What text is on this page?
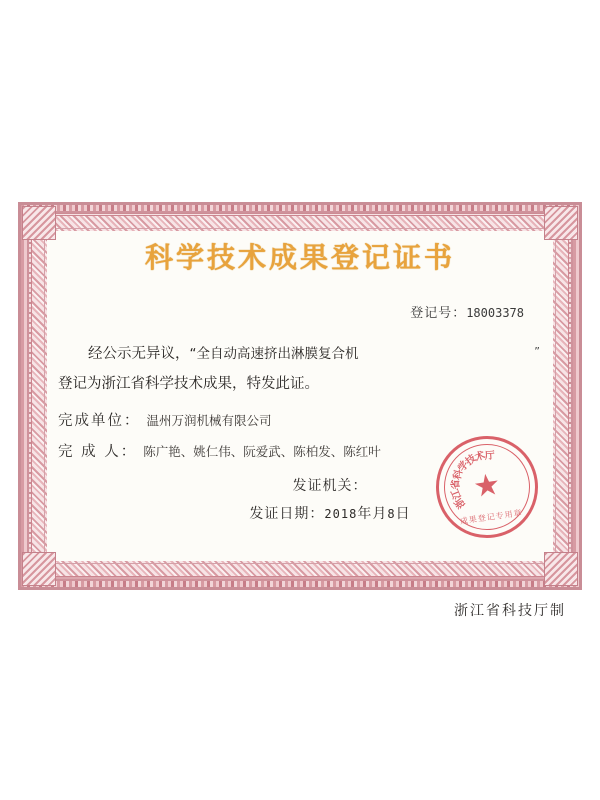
科学技术成果登记证书
登记号：18003378
经公示无异议，“全自动高速挤出淋膜复合机	”
登记为浙江省科学技术成果，特发此证。
完成单位： 温州万润机械有限公司
完 成 人： 陈广艳、姚仁伟、阮爱武、陈柏发、陈红叶
发证机关：
发证日期：2018年月8日
★
浙
江
省
科
学
技
术
厅
成果登记专用章
浙江省科技厅制
